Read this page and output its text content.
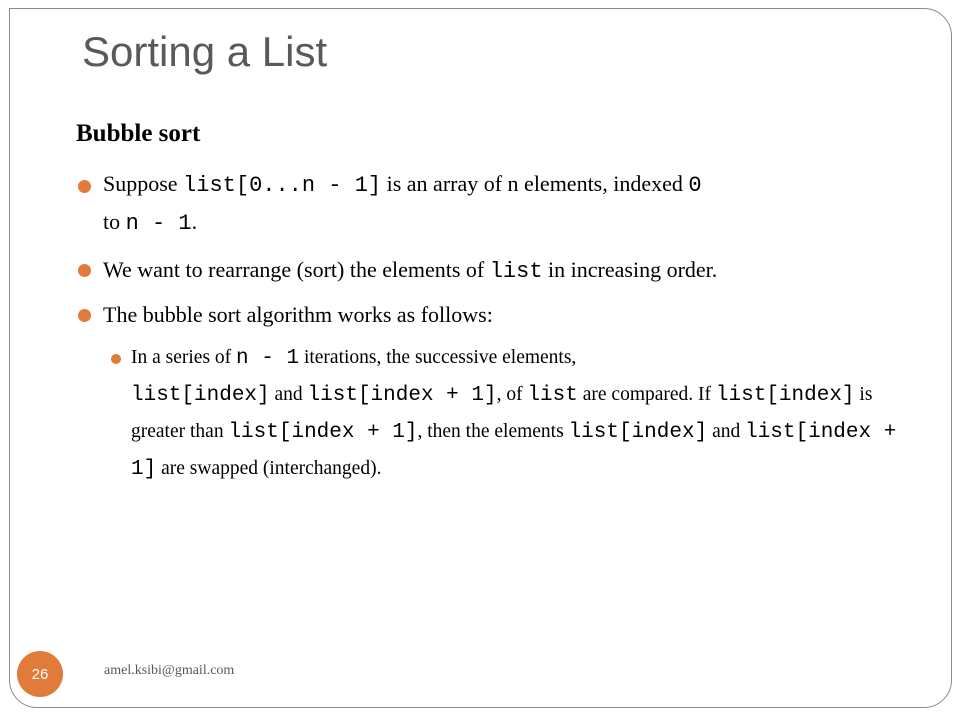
Sorting a List
Bubble sort
Suppose list[0...n - 1] is an array of n elements, indexed 0
to n - 1.
We want to rearrange (sort) the elements of list in increasing order.
The bubble sort algorithm works as follows:
In a series of n - 1 iterations, the successive elements,
list[index] and list[index + 1], of list are compared. If list[index] is greater than list[index + 1], then the elements list[index] and list[index + 1] are swapped (interchanged).
26	amel.ksibi@gmail.com
